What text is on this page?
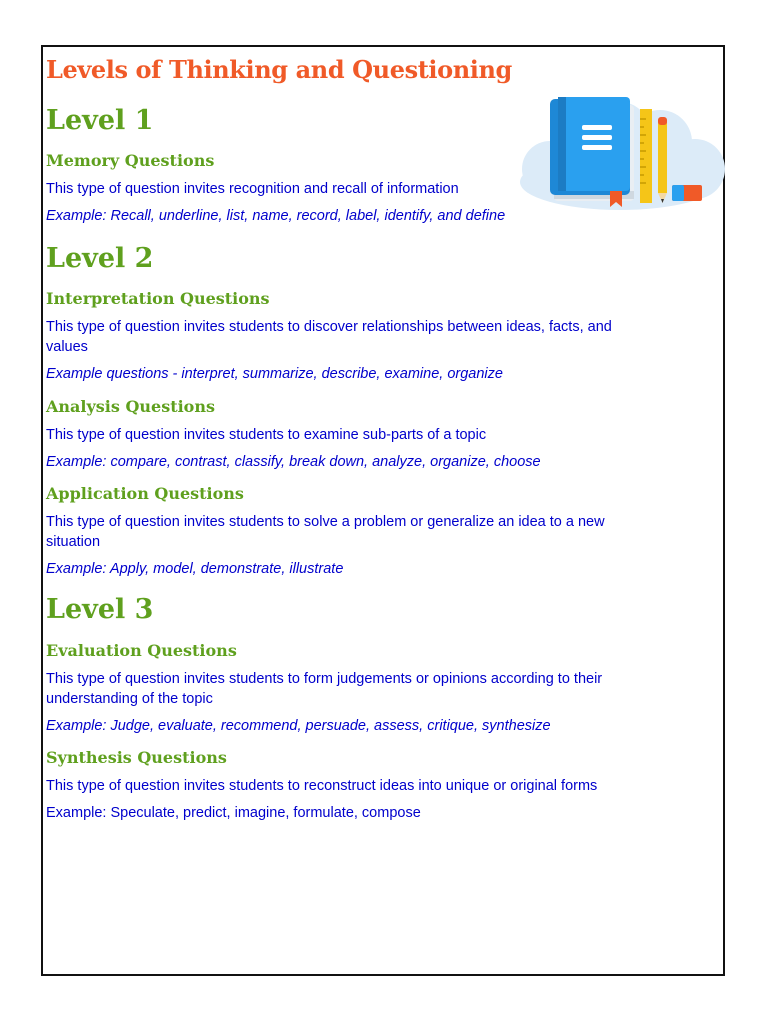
Levels of Thinking and Questioning
Level 1
Memory Questions

This type of question invites recognition and recall of information

Example: Recall, underline, list, name, record, label, identify, and define

Level 2
Interpretation Questions

This type of question invites students to discover relationships between ideas, facts, and

values

Example questions - interpret, summarize, describe, examine, organize

Analysis Questions

This type of question invites students to examine sub-parts of a topic

Example: compare, contrast, classify, break down, analyze, organize, choose

Application Questions

This type of question invites students to solve a problem or generalize an idea to a new

situation

Example: Apply, model, demonstrate, illustrate

Level 3
Evaluation Questions

This type of question invites students to form judgements or opinions according to their

understanding of the topic

Example: Judge, evaluate, recommend, persuade, assess, critique, synthesize

Synthesis Questions

This type of question invites students to reconstruct ideas into unique or original forms

Example: Speculate, predict, imagine, formulate, compose
